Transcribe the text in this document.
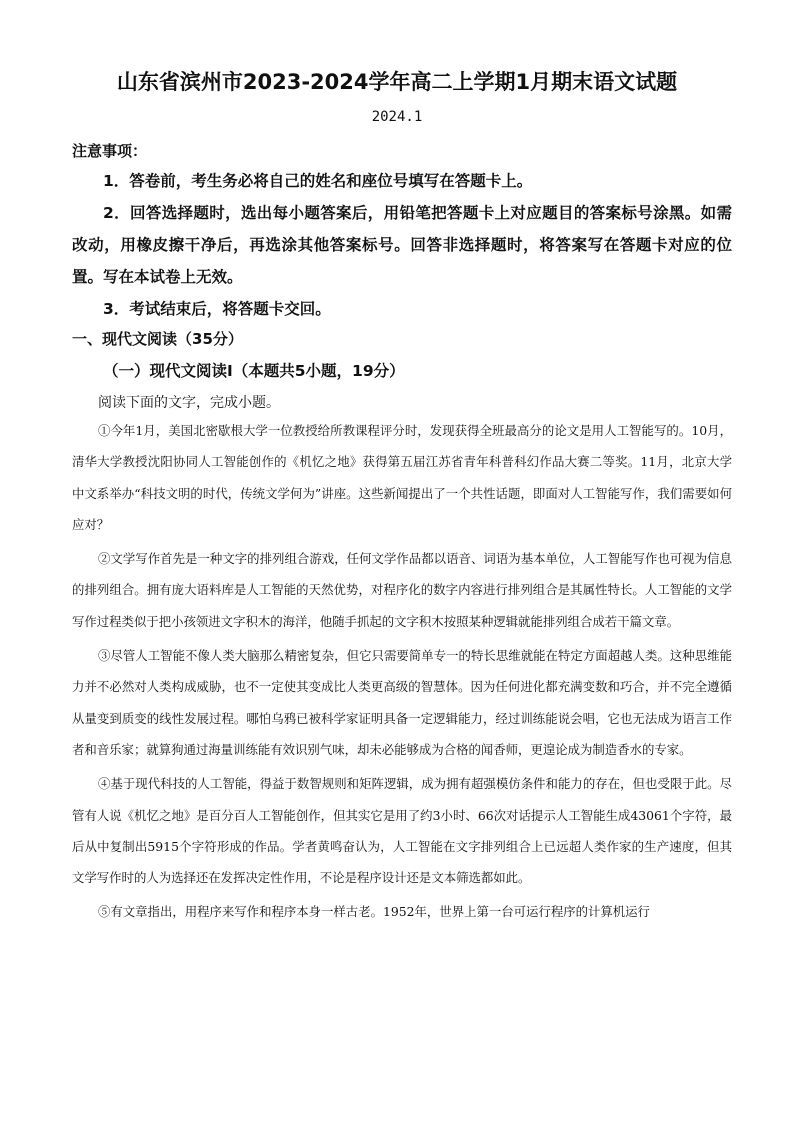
山东省滨州市2023-2024学年高二上学期1月期末语文试题
2024.1
注意事项：
1．答卷前，考生务必将自己的姓名和座位号填写在答题卡上。
2．回答选择题时，选出每小题答案后，用铅笔把答题卡上对应题目的答案标号涂黑。如需改动，用橡皮擦干净后，再选涂其他答案标号。回答非选择题时，将答案写在答题卡对应的位置。写在本试卷上无效。
3．考试结束后，将答题卡交回。
一、现代文阅读（35分）
（一）现代文阅读Ⅰ（本题共5小题，19分）
阅读下面的文字，完成小题。

①今年1月，美国北密歇根大学一位教授给所教课程评分时，发现获得全班最高分的论文是用人工智能写的。10月，清华大学教授沈阳协同人工智能创作的《机忆之地》获得第五届江苏省青年科普科幻作品大赛二等奖。11月，北京大学中文系举办“科技文明的时代，传统文学何为”讲座。这些新闻提出了一个共性话题，即面对人工智能写作，我们需要如何应对？

②文学写作首先是一种文字的排列组合游戏，任何文学作品都以语音、词语为基本单位，人工智能写作也可视为信息的排列组合。拥有庞大语料库是人工智能的天然优势，对程序化的数字内容进行排列组合是其属性特长。人工智能的文学写作过程类似于把小孩领进文字积木的海洋，他随手抓起的文字积木按照某种逻辑就能排列组合成若干篇文章。

③尽管人工智能不像人类大脑那么精密复杂，但它只需要简单专一的特长思维就能在特定方面超越人类。这种思维能力并不必然对人类构成威胁，也不一定使其变成比人类更高级的智慧体。因为任何进化都充满变数和巧合，并不完全遵循从量变到质变的线性发展过程。哪怕乌鸦已被科学家证明具备一定逻辑能力，经过训练能说会唱，它也无法成为语言工作者和音乐家；就算狗通过海量训练能有效识别气味，却未必能够成为合格的闻香师，更遑论成为制造香水的专家。

④基于现代科技的人工智能，得益于数智规则和矩阵逻辑，成为拥有超强模仿条件和能力的存在，但也受限于此。尽管有人说《机忆之地》是百分百人工智能创作，但其实它是用了约3小时、66次对话提示人工智能生成43061个字符，最后从中复制出5915个字符形成的作品。学者黄鸣奋认为，人工智能在文字排列组合上已远超人类作家的生产速度，但其文学写作时的人为选择还在发挥决定性作用，不论是程序设计还是文本筛选都如此。

⑤有文章指出，用程序来写作和程序本身一样古老。1952年，世界上第一台可运行程序的计算机运行
